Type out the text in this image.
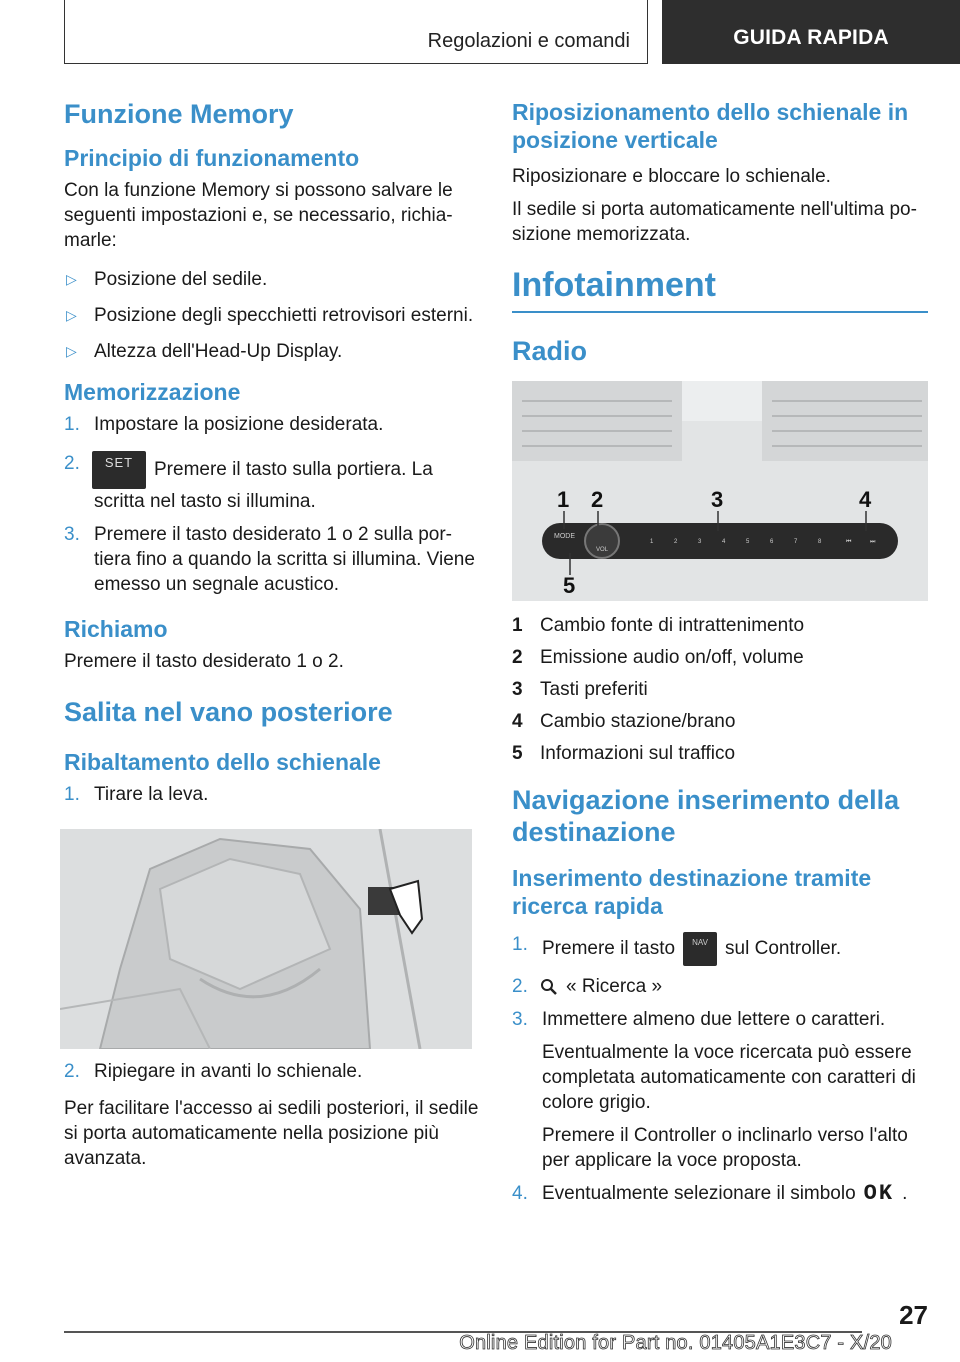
Regolazioni e comandi	GUIDA RAPIDA
Funzione Memory
Principio di funzionamento

Con la funzione Memory si possono salvare le seguenti impostazioni e, se necessario, richia-marle:

▷ Posizione del sedile.
▷ Posizione degli specchietti retrovisori esterni.
▷ Altezza dell'Head-Up Display.
Memorizzazione
1. Impostare la posizione desiderata.
2. SET Premere il tasto sulla portiera. La scritta nel tasto si illumina.
3. Premere il tasto desiderato 1 o 2 sulla por-tiera fino a quando la scritta si illumina. Viene emesso un segnale acustico.
Richiamo

Premere il tasto desiderato 1 o 2.

Salita nel vano posteriore
Ribaltamento dello schienale
1. Tirare la leva.
2. Ripiegare in avanti lo schienale.

Per facilitare l'accesso ai sedili posteriori, il sedile si porta automaticamente nella posizione più avanzata.

Riposizionamento dello schienale in posizione verticale

Riposizionare e bloccare lo schienale.

Il sedile si porta automaticamente nell'ultima po-sizione memorizzata.

Infotainment
Radio
MODE
VOL
1	2	3	4	5	6	7	8	⏮	⏭
1 2	3	4
5
1 Cambio fonte di intrattenimento
2 Emissione audio on/off, volume
3 Tasti preferiti
4 Cambio stazione/brano
5 Informazioni sul traffico
Navigazione inserimento della destinazione
Inserimento destinazione tramite ricerca rapida
1. Premere il tasto NAV sul Controller.
2. « Ricerca »
3. Immettere almeno due lettere o caratteri.
Eventualmente la voce ricercata può essere completata automaticamente con caratteri di colore grigio.
Premere il Controller o inclinarlo verso l'alto per applicare la voce proposta.
4. Eventualmente selezionare il simbolo OK .
27
Online Edition for Part no. 01405A1E3C7 - X/20
